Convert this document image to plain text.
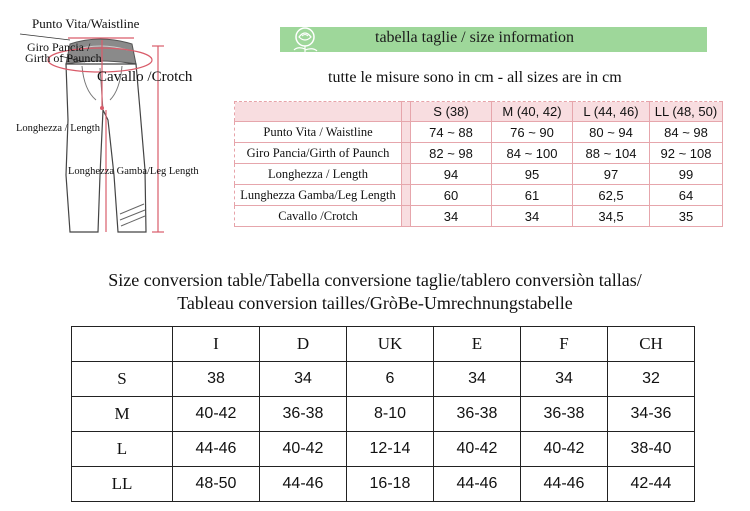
Punto Vita/Waistline
Giro Pancia /
Girth of Paunch
Cavallo /Crotch
Longhezza / Length
Longhezza Gamba/Leg Length
tabella taglie / size information
tutte le misure sono in cm - all sizes are in cm
		S (38)	M (40, 42)	L (44, 46)	LL (48, 50)
Punto Vita / Waistline		74 ~ 88	76 ~ 90	80 ~ 94	84 ~ 98
Giro Pancia/Girth of Paunch		82 ~ 98	84 ~ 100	88 ~ 104	92 ~ 108
Longhezza / Length		94	95	97	99
Lunghezza Gamba/Leg Length		60	61	62,5	64
Cavallo /Crotch		34	34	34,5	35
Size conversion table/Tabella conversione taglie/tablero conversiòn tallas/
Tableau conversion tailles/GròBe-Umrechnungstabelle
	I	D	UK	E	F	CH
S	38	34	6	34	34	32
M	40-42	36-38	8-10	36-38	36-38	34-36
L	44-46	40-42	12-14	40-42	40-42	38-40
LL	48-50	44-46	16-18	44-46	44-46	42-44
